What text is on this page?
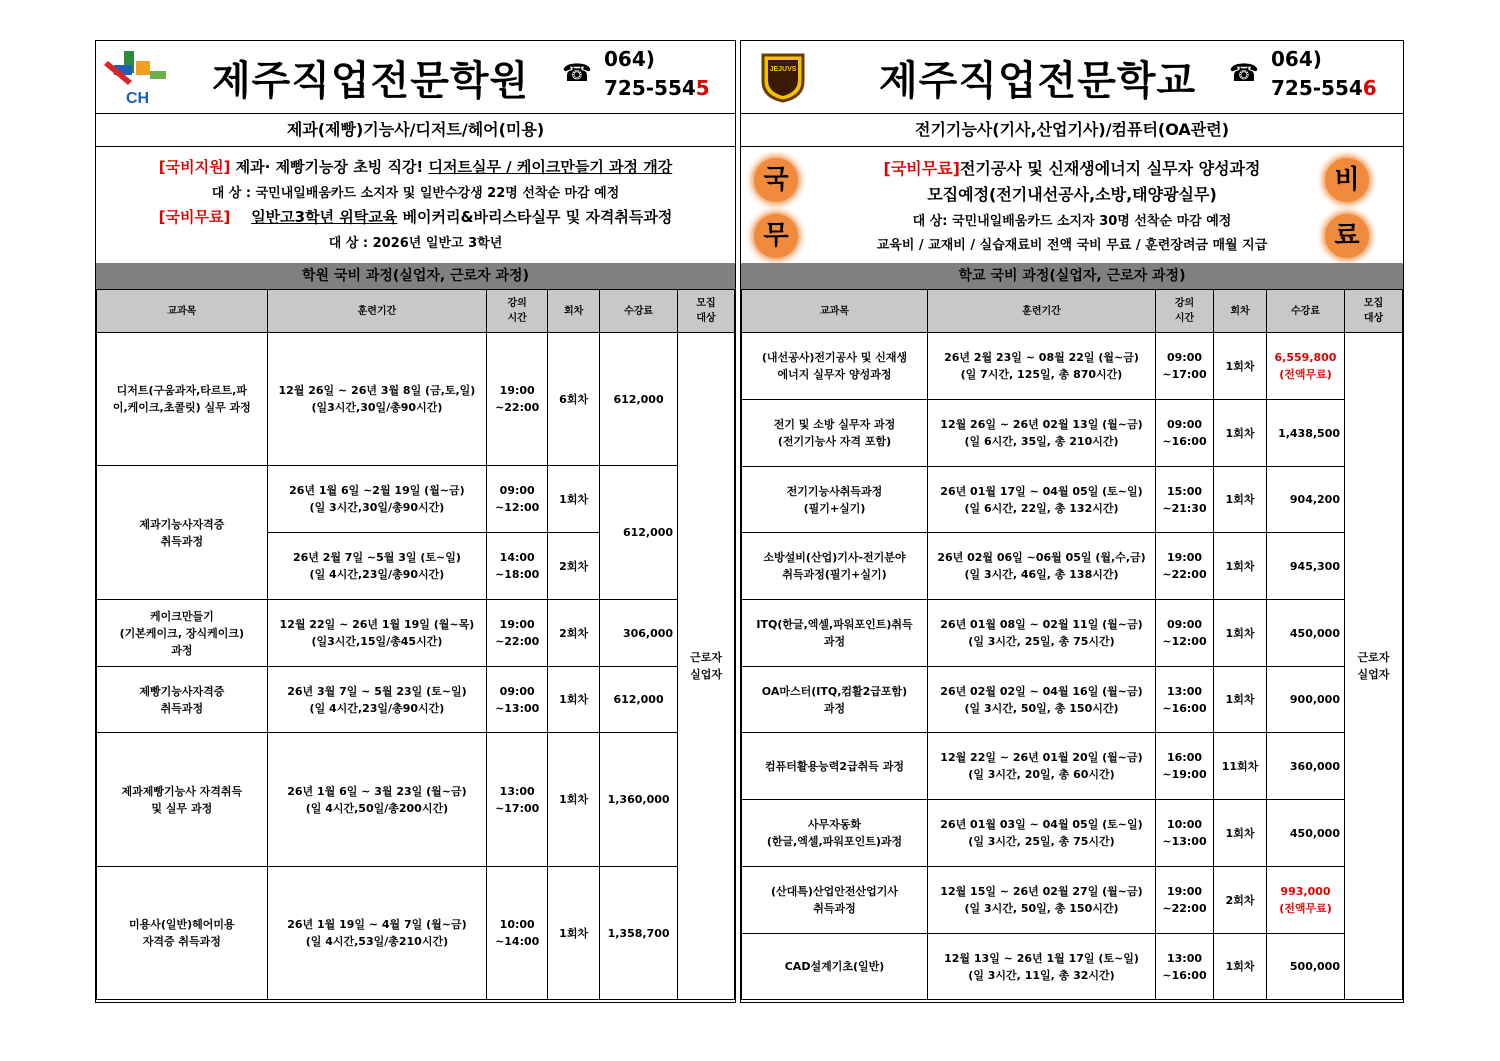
CH 제주직업전문학원 ☎ 064)
725-5545
제과(제빵)기능사/디저트/헤어(미용)
[국비지원] 제과· 제빵기능장 초빙 직강! 디저트실무 / 케이크만들기 과정 개강
대 상 : 국민내일배움카드 소지자 및 일반수강생 22명 선착순 마감 예정
[국비무료] 일반고3학년 위탁교육 베이커리&바리스타실무 및 자격취득과정
대 상 : 2026년 일반고 3학년
학원 국비 과정(실업자, 근로자 과정)
교과목	훈련기간	강의
시간	회차	수강료	모집
대상
디저트(구움과자,타르트,파
이,케이크,초콜릿) 실무 과정	12월 26일 ~ 26년 3월 8일 (금,토,일)
(일3시간,30일/총90시간)	19:00
~22:00	6회차	612,000	근로자
실업자
제과기능사자격증
취득과정	26년 1월 6일 ~2월 19일 (월~금)
(일 3시간,30일/총90시간)	09:00
~12:00	1회차	612,000	
	26년 2월 7일 ~5월 3일 (토~일)
(일 4시간,23일/총90시간)	14:00
~18:00	2회차		
케이크만들기
(기본케이크, 장식케이크)
과정	12월 22일 ~ 26년 1월 19일 (월~목)
(일3시간,15일/총45시간)	19:00
~22:00	2회차	306,000	
제빵기능사자격증
취득과정	26년 3월 7일 ~ 5월 23일 (토~일)
(일 4시간,23일/총90시간)	09:00
~13:00	1회차	612,000	
제과제빵기능사 자격취득
및 실무 과정	26년 1월 6일 ~ 3월 23일 (월~금)
(일 4시간,50일/총200시간)	13:00
~17:00	1회차	1,360,000	
미용사(일반)헤어미용
자격증 취득과정	26년 1월 19일 ~ 4월 7일 (월~금)
(일 4시간,53일/총210시간)	10:00
~14:00	1회차	1,358,700	
JEJUVS 제주직업전문학교 ☎ 064)
725-5546
전기기능사(기사,산업기사)/컴퓨터(OA관련)
국
무
비
료
[국비무료]전기공사 및 신재생에너지 실무자 양성과정
모집예정(전기내선공사,소방,태양광실무)
대 상: 국민내일배움카드 소지자 30명 선착순 마감 예정
교육비 / 교재비 / 실습재료비 전액 국비 무료 / 훈련장려금 매월 지급
학교 국비 과정(실업자, 근로자 과정)
교과목	훈련기간	강의
시간	회차	수강료	모집
대상
(내선공사)전기공사 및 신재생
에너지 실무자 양성과정	26년 2월 23일 ~ 08월 22일 (월~금)
(일 7시간, 125일, 총 870시간)	09:00
~17:00	1회차	6,559,800
(전액무료)	근로자
실업자
전기 및 소방 실무자 과정
(전기기능사 자격 포함)	12월 26일 ~ 26년 02월 13일 (월~금)
(일 6시간, 35일, 총 210시간)	09:00
~16:00	1회차	1,438,500	
전기기능사취득과정
(필기+실기)	26년 01월 17일 ~ 04월 05일 (토~일)
(일 6시간, 22일, 총 132시간)	15:00
~21:30	1회차	904,200	
소방설비(산업)기사-전기분야
취득과정(필기+실기)	26년 02월 06일 ~06월 05일 (월,수,금)
(일 3시간, 46일, 총 138시간)	19:00
~22:00	1회차	945,300	
ITQ(한글,엑셀,파워포인트)취득
과정	26년 01월 08일 ~ 02월 11일 (월~금)
(일 3시간, 25일, 총 75시간)	09:00
~12:00	1회차	450,000	
OA마스터(ITQ,컴활2급포함)
과정	26년 02월 02일 ~ 04월 16일 (월~금)
(일 3시간, 50일, 총 150시간)	13:00
~16:00	1회차	900,000	
컴퓨터활용능력2급취득 과정	12월 22일 ~ 26년 01월 20일 (월~금)
(일 3시간, 20일, 총 60시간)	16:00
~19:00	11회차	360,000	
사무자동화
(한글,엑셀,파워포인트)과정	26년 01월 03일 ~ 04월 05일 (토~일)
(일 3시간, 25일, 총 75시간)	10:00
~13:00	1회차	450,000	
(산대특)산업안전산업기사
취득과정	12월 15일 ~ 26년 02월 27일 (월~금)
(일 3시간, 50일, 총 150시간)	19:00
~22:00	2회차	993,000
(전액무료)	
CAD설계기초(일반)	12월 13일 ~ 26년 1월 17일 (토~일)
(일 3시간, 11일, 총 32시간)	13:00
~16:00	1회차	500,000	
